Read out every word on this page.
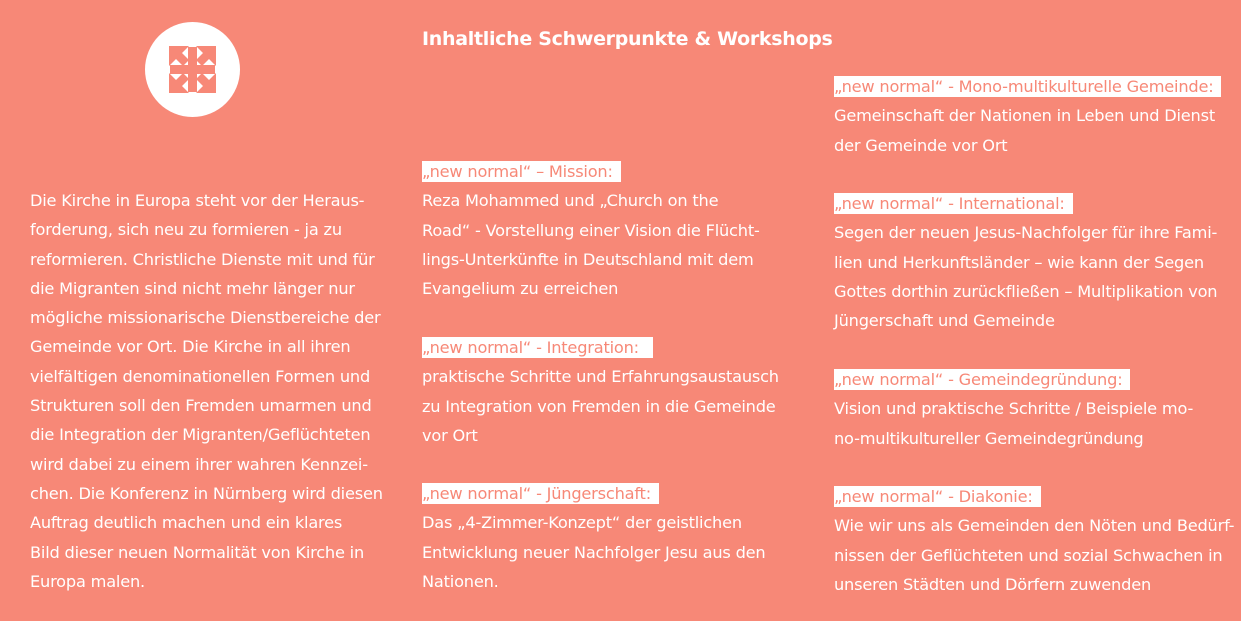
Inhaltliche Schwerpunkte & Workshops
Die Kirche in Europa steht vor der Heraus-
forderung, sich neu zu formieren - ja zu
reformieren. Christliche Dienste mit und für
die Migranten sind nicht mehr länger nur
mögliche missionarische Dienstbereiche der
Gemeinde vor Ort. Die Kirche in all ihren
vielfältigen denominationellen Formen und
Strukturen soll den Fremden umarmen und
die Integration der Migranten/Geflüchteten
wird dabei zu einem ihrer wahren Kennzei-
chen. Die Konferenz in Nürnberg wird diesen
Auftrag deutlich machen und ein klares
Bild dieser neuen Normalität von Kirche in
Europa malen.
„new normal“ – Mission:
Reza Mohammed und „Church on the
Road“ - Vorstellung einer Vision die Flücht-
lings-Unterkünfte in Deutschland mit dem
Evangelium zu erreichen
„new normal“ - Integration:
praktische Schritte und Erfahrungsaustausch
zu Integration von Fremden in die Gemeinde
vor Ort
„new normal“ - Jüngerschaft:
Das „4-Zimmer-Konzept“ der geistlichen
Entwicklung neuer Nachfolger Jesu aus den
Nationen.
„new normal“ - Mono-multikulturelle Gemeinde:
Gemeinschaft der Nationen in Leben und Dienst
der Gemeinde vor Ort
„new normal“ - International:
Segen der neuen Jesus-Nachfolger für ihre Fami-
lien und Herkunftsländer – wie kann der Segen
Gottes dorthin zurückfließen – Multiplikation von
Jüngerschaft und Gemeinde
„new normal“ - Gemeindegründung:
Vision und praktische Schritte / Beispiele mo-
no-multikultureller Gemeindegründung
„new normal“ - Diakonie:
Wie wir uns als Gemeinden den Nöten und Bedürf-
nissen der Geflüchteten und sozial Schwachen in
unseren Städten und Dörfern zuwenden
